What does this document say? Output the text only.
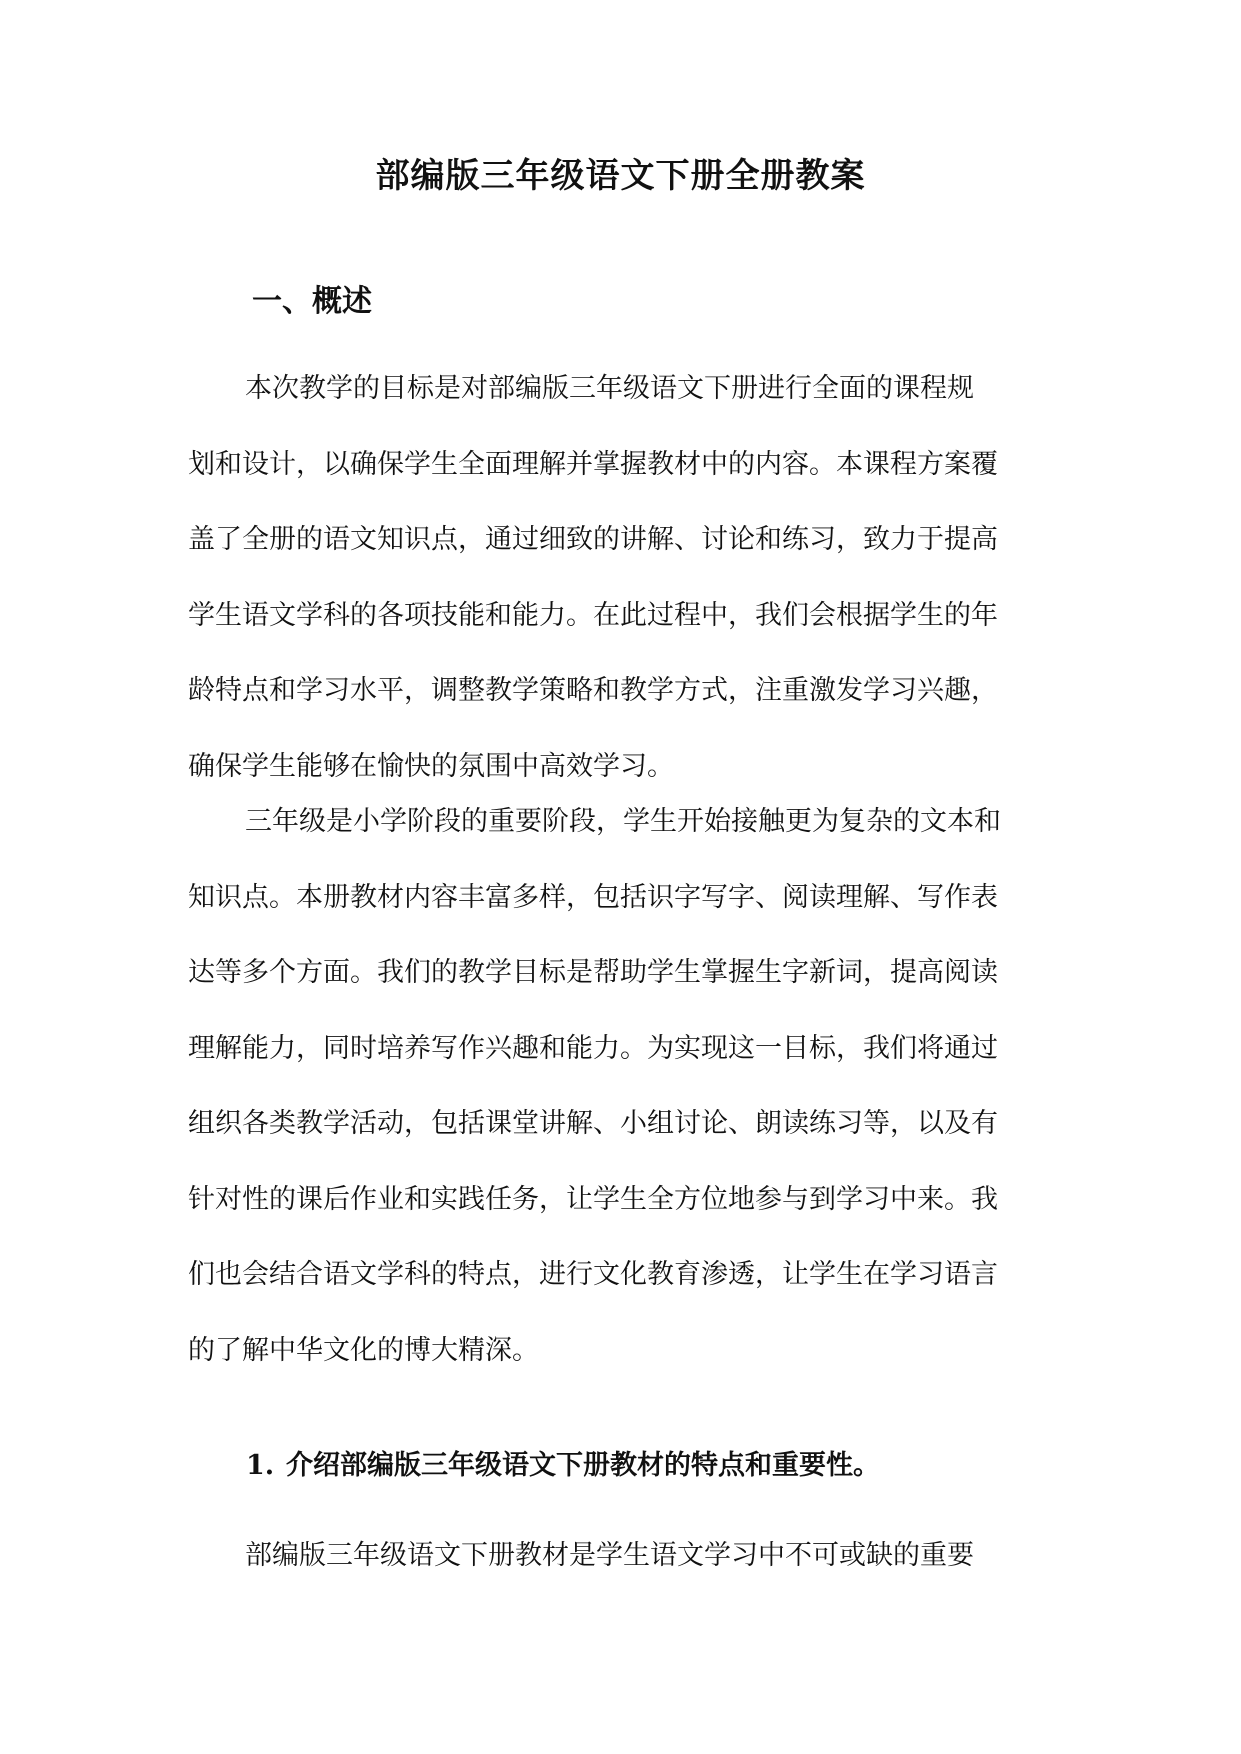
部编版三年级语文下册全册教案
一、概述

本次教学的目标是对部编版三年级语文下册进行全面的课程规
划和设计，以确保学生全面理解并掌握教材中的内容。本课程方案覆
盖了全册的语文知识点，通过细致的讲解、讨论和练习，致力于提高
学生语文学科的各项技能和能力。在此过程中，我们会根据学生的年
龄特点和学习水平，调整教学策略和教学方式，注重激发学习兴趣，
确保学生能够在愉快的氛围中高效学习。

三年级是小学阶段的重要阶段，学生开始接触更为复杂的文本和
知识点。本册教材内容丰富多样，包括识字写字、阅读理解、写作表
达等多个方面。我们的教学目标是帮助学生掌握生字新词，提高阅读
理解能力，同时培养写作兴趣和能力。为实现这一目标，我们将通过
组织各类教学活动，包括课堂讲解、小组讨论、朗读练习等，以及有
针对性的课后作业和实践任务，让学生全方位地参与到学习中来。我
们也会结合语文学科的特点，进行文化教育渗透，让学生在学习语言
的了解中华文化的博大精深。

1. 介绍部编版三年级语文下册教材的特点和重要性。

部编版三年级语文下册教材是学生语文学习中不可或缺的重要
